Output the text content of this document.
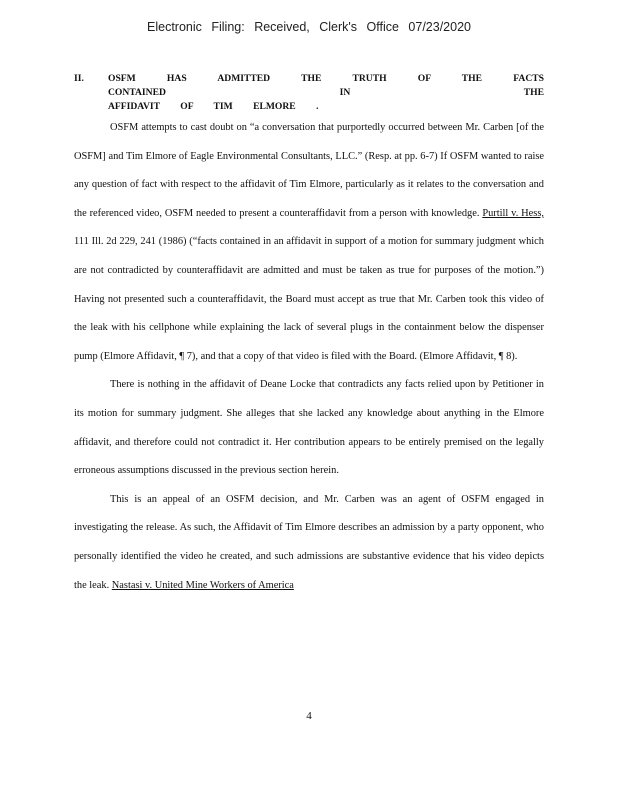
Electronic Filing: Received, Clerk's Office 07/23/2020
II.	OSFM HAS ADMITTED THE TRUTH OF THE FACTS CONTAINED IN THE
AFFIDAVIT OF TIM ELMORE .

OSFM attempts to cast doubt on “a conversation that purportedly occurred between Mr. Carben [of the OSFM] and Tim Elmore of Eagle Environmental Consultants, LLC.” (Resp. at pp. 6-7) If OSFM wanted to raise any question of fact with respect to the affidavit of Tim Elmore, particularly as it relates to the conversation and the referenced video, OSFM needed to present a counteraffidavit from a person with knowledge. Purtill v. Hess, 111 Ill. 2d 229, 241 (1986) (“facts contained in an affidavit in support of a motion for summary judgment which are not contradicted by counteraffidavit are admitted and must be taken as true for purposes of the motion.”) Having not presented such a counteraffidavit, the Board must accept as true that Mr. Carben took this video of the leak with his cellphone while explaining the lack of several plugs in the containment below the dispenser pump (Elmore Affidavit, ¶ 7), and that a copy of that video is filed with the Board. (Elmore Affidavit, ¶ 8).

There is nothing in the affidavit of Deane Locke that contradicts any facts relied upon by Petitioner in its motion for summary judgment. She alleges that she lacked any knowledge about anything in the Elmore affidavit, and therefore could not contradict it. Her contribution appears to be entirely premised on the legally erroneous assumptions discussed in the previous section herein.

This is an appeal of an OSFM decision, and Mr. Carben was an agent of OSFM engaged in investigating the release. As such, the Affidavit of Tim Elmore describes an admission by a party opponent, who personally identified the video he created, and such admissions are substantive evidence that his video depicts the leak. Nastasi v. United Mine Workers of America

4
